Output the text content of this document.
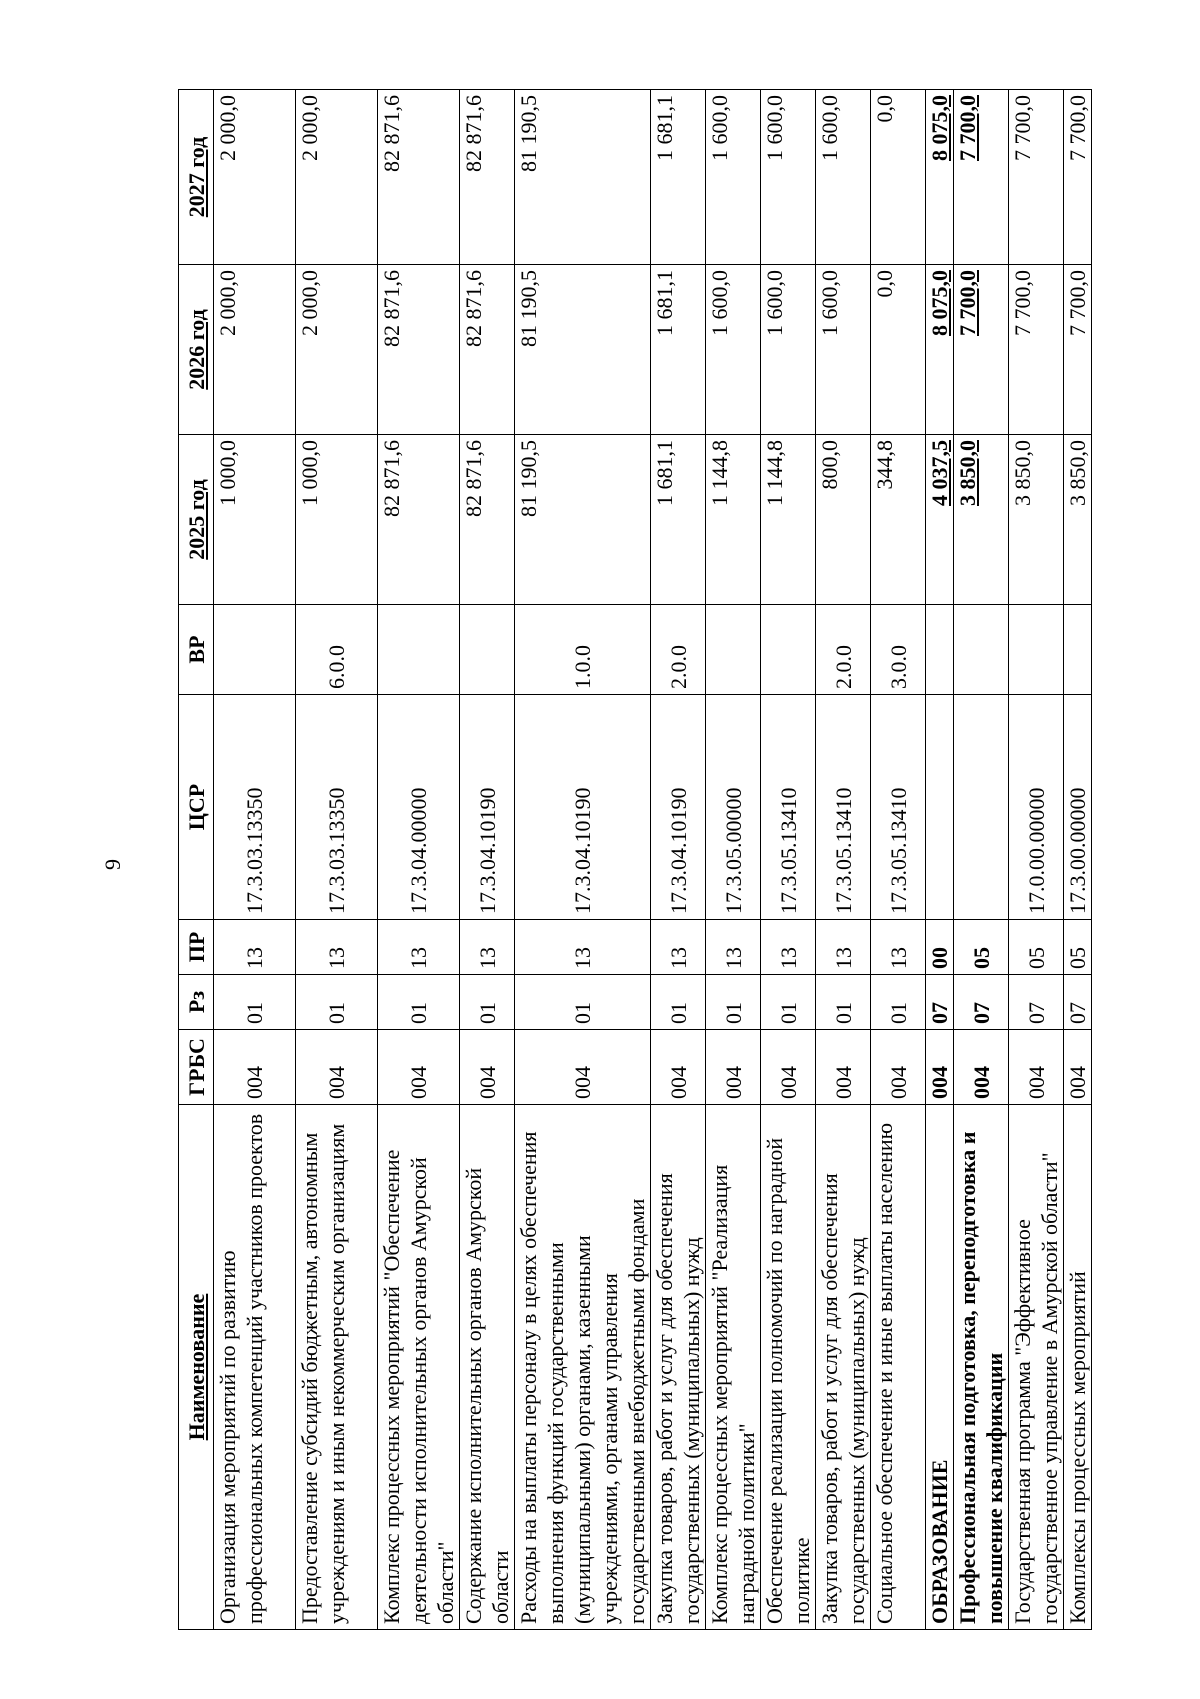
9
Наименование	ГРБС	Рз	ПР	ЦСР	ВР	2025 год	2026 год	2027 год
Организация мероприятий по развитию профессиональных компетенций участников проектов	004	01	13	17.3.03.13350		1 000,0	2 000,0	2 000,0
Предоставление субсидий бюджетным, автономным учреждениям и иным некоммерческим организациям	004	01	13	17.3.03.13350	6.0.0	1 000,0	2 000,0	2 000,0
Комплекс процессных мероприятий "Обеспечение деятельности исполнительных органов Амурской области"	004	01	13	17.3.04.00000		82 871,6	82 871,6	82 871,6
Содержание исполнительных органов Амурской области	004	01	13	17.3.04.10190		82 871,6	82 871,6	82 871,6
Расходы на выплаты персоналу в целях обеспечения выполнения функций государственными (муниципальными) органами, казенными учреждениями, органами управления государственными внебюджетными фондами	004	01	13	17.3.04.10190	1.0.0	81 190,5	81 190,5	81 190,5
Закупка товаров, работ и услуг для обеспечения государственных (муниципальных) нужд	004	01	13	17.3.04.10190	2.0.0	1 681,1	1 681,1	1 681,1
Комплекс процессных мероприятий "Реализация наградной политики"	004	01	13	17.3.05.00000		1 144,8	1 600,0	1 600,0
Обеспечение реализации полномочий по наградной политике	004	01	13	17.3.05.13410		1 144,8	1 600,0	1 600,0
Закупка товаров, работ и услуг для обеспечения государственных (муниципальных) нужд	004	01	13	17.3.05.13410	2.0.0	800,0	1 600,0	1 600,0
Социальное обеспечение и иные выплаты населению	004	01	13	17.3.05.13410	3.0.0	344,8	0,0	0,0
ОБРАЗОВАНИЕ	004	07	00			4 037,5	8 075,0	8 075,0
Профессиональная подготовка, переподготовка и повышение квалификации	004	07	05			3 850,0	7 700,0	7 700,0
Государственная программа "Эффективное государственное управление в Амурской области"	004	07	05	17.0.00.00000		3 850,0	7 700,0	7 700,0
Комплексы процессных мероприятий	004	07	05	17.3.00.00000		3 850,0	7 700,0	7 700,0
